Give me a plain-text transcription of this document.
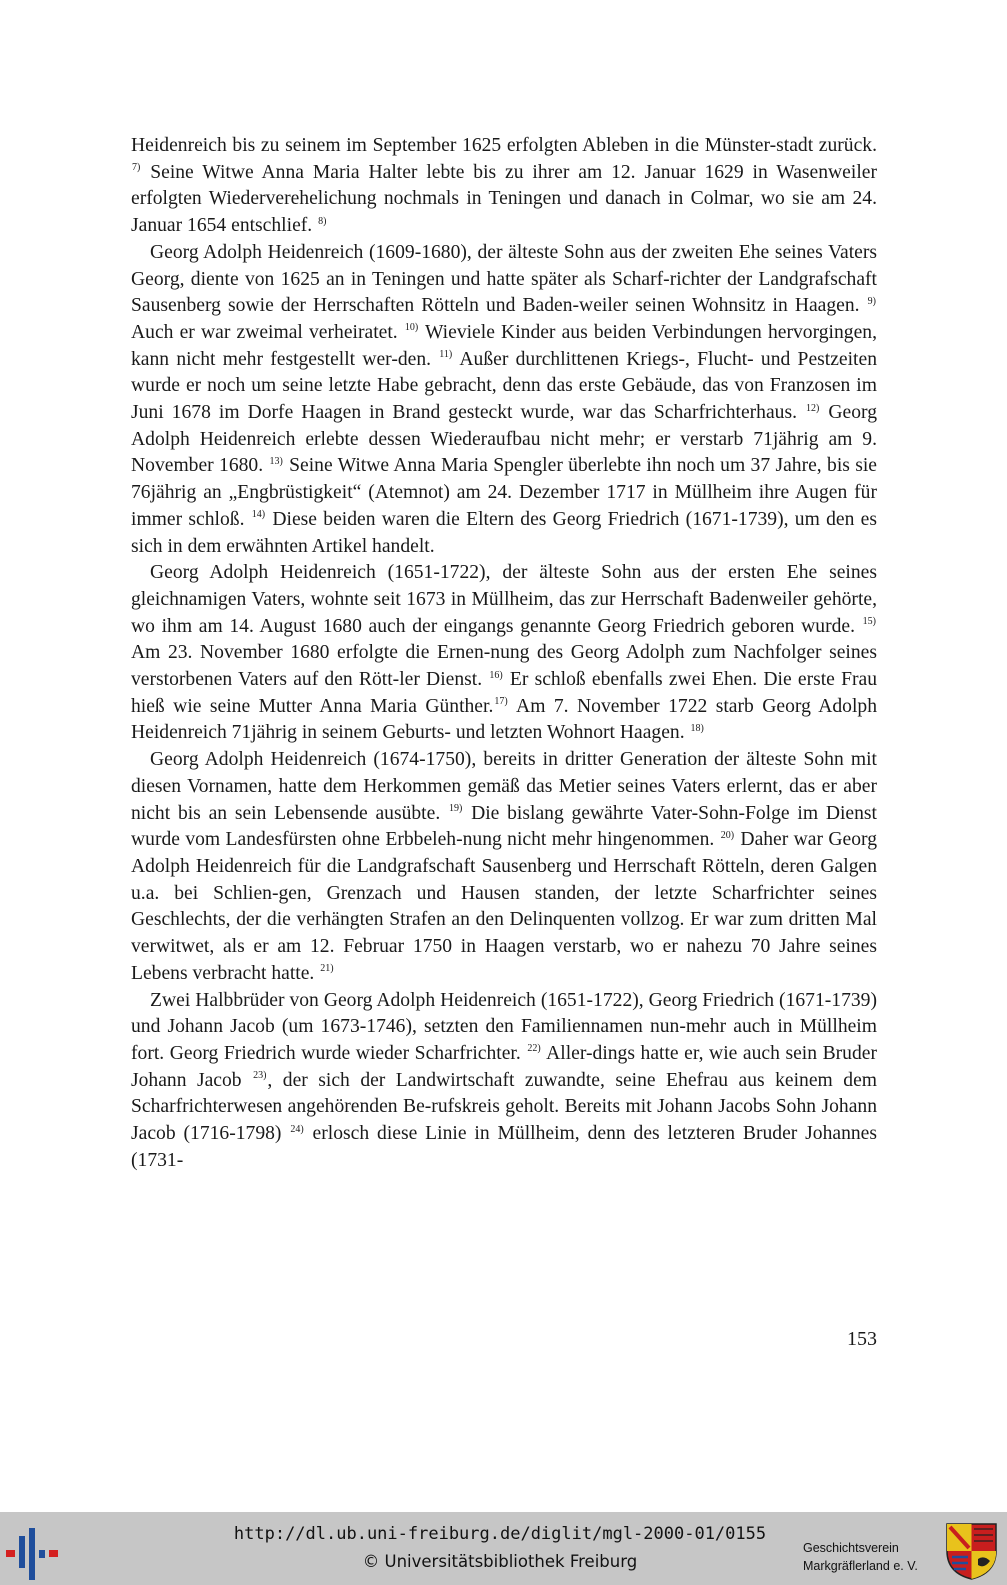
Heidenreich bis zu seinem im September 1625 erfolgten Ableben in die Münster-stadt zurück. $^{7)}$ Seine Witwe Anna Maria Halter lebte bis zu ihrer am 12. Januar 1629 in Wasenweiler erfolgten Wiederverehelichung nochmals in Teningen und danach in Colmar, wo sie am 24. Januar 1654 entschlief. $^{8)}$

Georg Adolph Heidenreich (1609-1680), der älteste Sohn aus der zweiten Ehe seines Vaters Georg, diente von 1625 an in Teningen und hatte später als Scharf-richter der Landgrafschaft Sausenberg sowie der Herrschaften Rötteln und Baden-weiler seinen Wohnsitz in Haagen. $^{9)}$ Auch er war zweimal verheiratet. $^{10)}$ Wieviele Kinder aus beiden Verbindungen hervorgingen, kann nicht mehr festgestellt wer-den. $^{11)}$ Außer durchlittenen Kriegs-, Flucht- und Pestzeiten wurde er noch um seine letzte Habe gebracht, denn das erste Gebäude, das von Franzosen im Juni 1678 im Dorfe Haagen in Brand gesteckt wurde, war das Scharfrichterhaus. $^{12)}$ Georg Adolph Heidenreich erlebte dessen Wiederaufbau nicht mehr; er verstarb 71jährig am 9. November 1680. $^{13)}$ Seine Witwe Anna Maria Spengler überlebte ihn noch um 37 Jahre, bis sie 76jährig an „Engbrüstigkeit“ (Atemnot) am 24. Dezember 1717 in Müllheim ihre Augen für immer schloß. $^{14)}$ Diese beiden waren die Eltern des Georg Friedrich (1671-1739), um den es sich in dem erwähnten Artikel handelt.

Georg Adolph Heidenreich (1651-1722), der älteste Sohn aus der ersten Ehe seines gleichnamigen Vaters, wohnte seit 1673 in Müllheim, das zur Herrschaft Badenweiler gehörte, wo ihm am 14. August 1680 auch der eingangs genannte Georg Friedrich geboren wurde. $^{15)}$ Am 23. November 1680 erfolgte die Ernen-nung des Georg Adolph zum Nachfolger seines verstorbenen Vaters auf den Rött-ler Dienst. $^{16)}$ Er schloß ebenfalls zwei Ehen. Die erste Frau hieß wie seine Mutter Anna Maria Günther.$^{17)}$ Am 7. November 1722 starb Georg Adolph Heidenreich 71jährig in seinem Geburts- und letzten Wohnort Haagen. $^{18)}$

Georg Adolph Heidenreich (1674-1750), bereits in dritter Generation der älteste Sohn mit diesen Vornamen, hatte dem Herkommen gemäß das Metier seines Vaters erlernt, das er aber nicht bis an sein Lebensende ausübte. $^{19)}$ Die bislang gewährte Vater-Sohn-Folge im Dienst wurde vom Landesfürsten ohne Erbbeleh-nung nicht mehr hingenommen. $^{20)}$ Daher war Georg Adolph Heidenreich für die Landgrafschaft Sausenberg und Herrschaft Rötteln, deren Galgen u.a. bei Schlien-gen, Grenzach und Hausen standen, der letzte Scharfrichter seines Geschlechts, der die verhängten Strafen an den Delinquenten vollzog. Er war zum dritten Mal verwitwet, als er am 12. Februar 1750 in Haagen verstarb, wo er nahezu 70 Jahre seines Lebens verbracht hatte. $^{21)}$

Zwei Halbbrüder von Georg Adolph Heidenreich (1651-1722), Georg Friedrich (1671-1739) und Johann Jacob (um 1673-1746), setzten den Familiennamen nun-mehr auch in Müllheim fort. Georg Friedrich wurde wieder Scharfrichter. $^{22)}$ Aller-dings hatte er, wie auch sein Bruder Johann Jacob $^{23)}$, der sich der Landwirtschaft zuwandte, seine Ehefrau aus keinem dem Scharfrichterwesen angehörenden Be-rufskreis geholt. Bereits mit Johann Jacobs Sohn Johann Jacob (1716-1798) $^{24)}$ erlosch diese Linie in Müllheim, denn des letzteren Bruder Johannes (1731-

153
http://dl.ub.uni-freiburg.de/diglit/mgl-2000-01/0155
© Universitätsbibliothek Freiburg
Geschichtsverein
Markgräflerland e. V.
